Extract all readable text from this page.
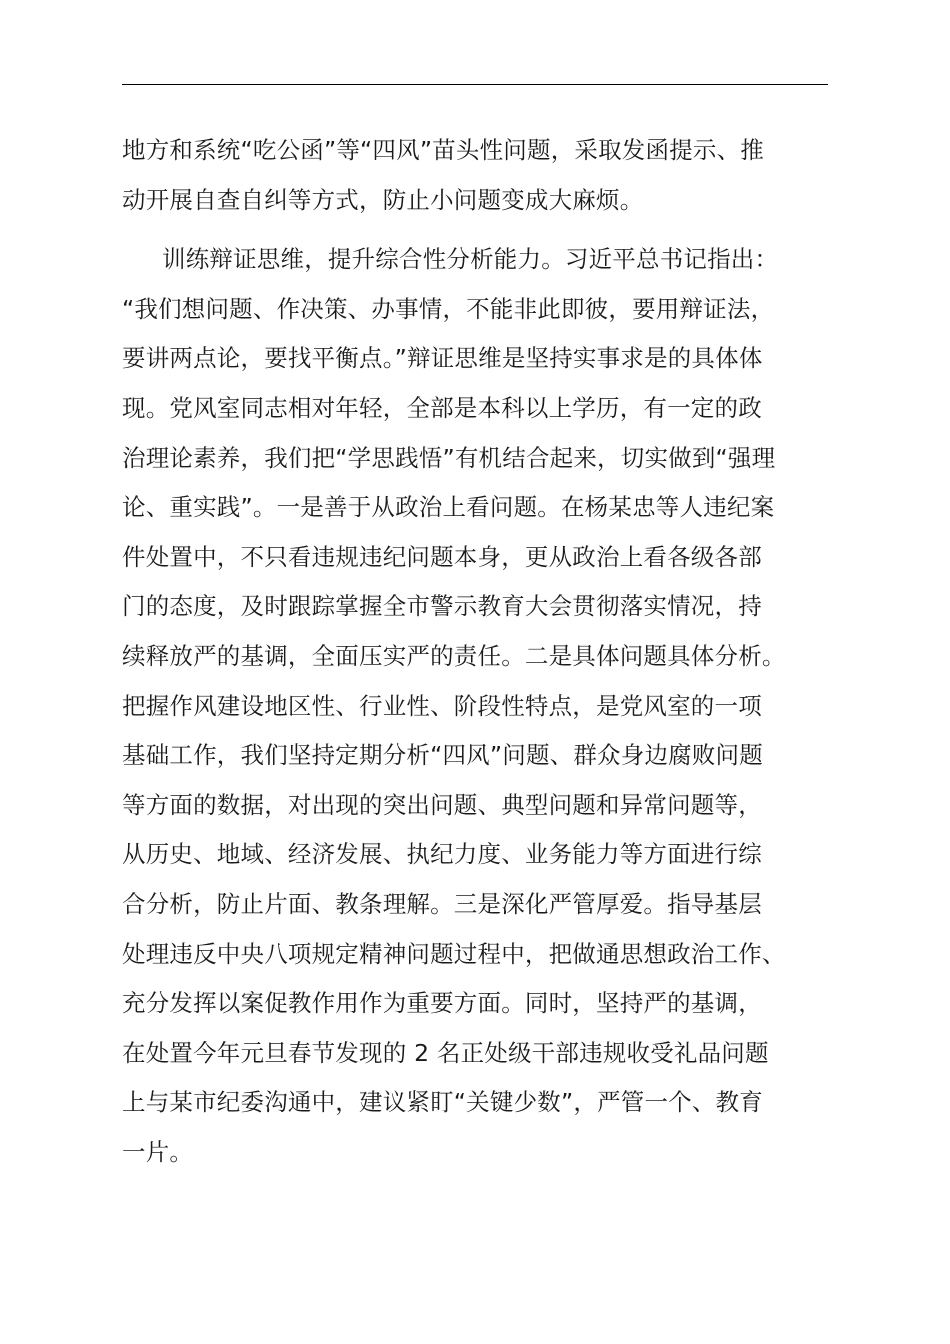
地方和系统“吃公函”等“四风”苗头性问题，采取发函提示、推
动开展自查自纠等方式，防止小问题变成大麻烦。
训练辩证思维，提升综合性分析能力。习近平总书记指出：
“我们想问题、作决策、办事情，不能非此即彼，要用辩证法，
要讲两点论，要找平衡点。”辩证思维是坚持实事求是的具体体
现。党风室同志相对年轻，全部是本科以上学历，有一定的政
治理论素养，我们把“学思践悟”有机结合起来，切实做到“强理
论、重实践”。一是善于从政治上看问题。在杨某忠等人违纪案
件处置中，不只看违规违纪问题本身，更从政治上看各级各部
门的态度，及时跟踪掌握全市警示教育大会贯彻落实情况，持
续释放严的基调，全面压实严的责任。二是具体问题具体分析。
把握作风建设地区性、行业性、阶段性特点，是党风室的一项
基础工作，我们坚持定期分析“四风”问题、群众身边腐败问题
等方面的数据，对出现的突出问题、典型问题和异常问题等，
从历史、地域、经济发展、执纪力度、业务能力等方面进行综
合分析，防止片面、教条理解。三是深化严管厚爱。指导基层
处理违反中央八项规定精神问题过程中，把做通思想政治工作、
充分发挥以案促教作用作为重要方面。同时，坚持严的基调，
在处置今年元旦春节发现的 2 名正处级干部违规收受礼品问题
上与某市纪委沟通中，建议紧盯“关键少数”，严管一个、教育
一片。
